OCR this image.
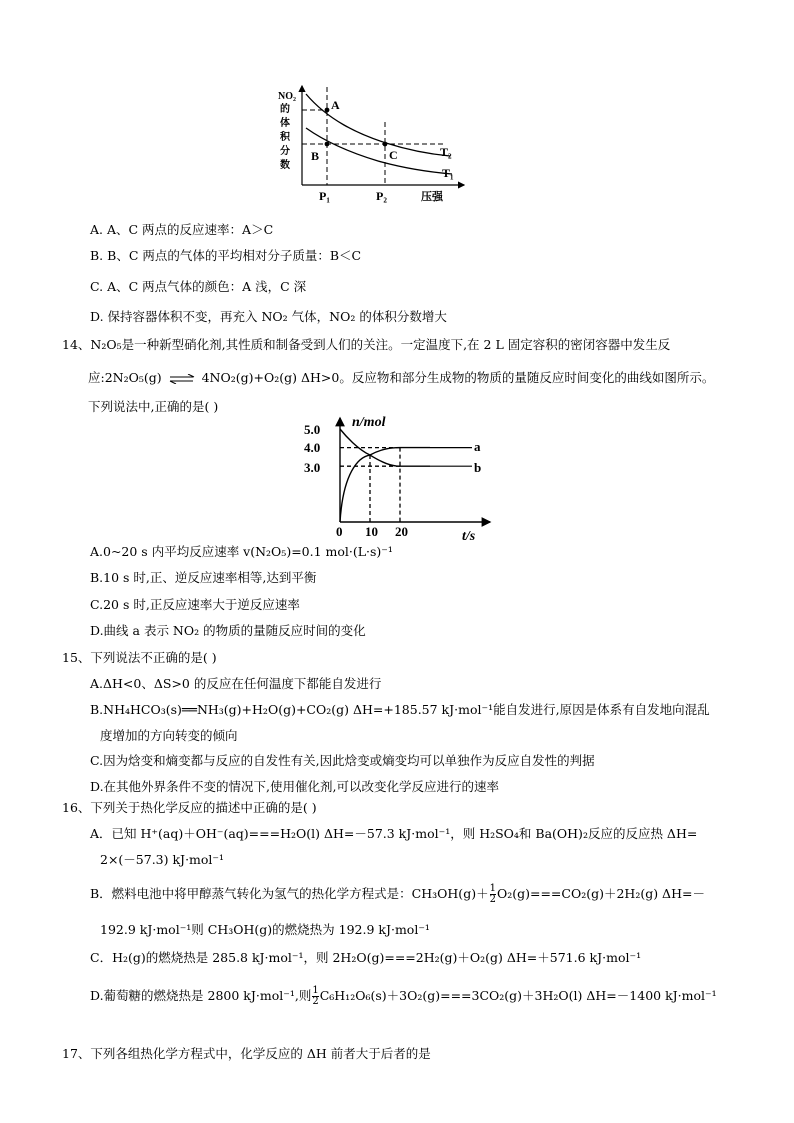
NO₂
的
体
积
分
数
A
B	C	T₂
T₁
P₁	P₂	压强
A. A、C 两点的反应速率：A＞C
B. B、C 两点的气体的平均相对分子质量：B＜C
C. A、C 两点气体的颜色：A 浅，C 深
D. 保持容器体积不变，再充入 NO₂ 气体，NO₂ 的体积分数增大
14、N₂O₅是一种新型硝化剂,其性质和制备受到人们的关注。一定温度下,在 2 L 固定容积的密闭容器中发生反
应:2N₂O₅(g) ⇌ 4NO₂(g)+O₂(g) ΔH>0。反应物和部分生成物的物质的量随反应时间变化的曲线如图所示。
下列说法中,正确的是( )
n/mol
t/s
5.0
4.0
3.0
0 10 20
a
b
A.0~20 s 内平均反应速率 v(N₂O₅)=0.1 mol·(L·s)⁻¹
B.10 s 时,正、逆反应速率相等,达到平衡
C.20 s 时,正反应速率大于逆反应速率
D.曲线 a 表示 NO₂ 的物质的量随反应时间的变化
15、下列说法不正确的是( )
A.ΔH<0、ΔS>0 的反应在任何温度下都能自发进行
B.NH₄HCO₃(s)══NH₃(g)+H₂O(g)+CO₂(g) ΔH=+185.57 kJ·mol⁻¹能自发进行,原因是体系有自发地向混乱
度增加的方向转变的倾向
C.因为焓变和熵变都与反应的自发性有关,因此焓变或熵变均可以单独作为反应自发性的判据
D.在其他外界条件不变的情况下,使用催化剂,可以改变化学反应进行的速率
16、下列关于热化学反应的描述中正确的是( )
A．已知 H⁺(aq)＋OH⁻(aq)===H₂O(l) ΔH=－57.3 kJ·mol⁻¹，则 H₂SO₄和 Ba(OH)₂反应的反应热 ΔH=
2×(－57.3) kJ·mol⁻¹
B．燃料电池中将甲醇蒸气转化为氢气的热化学方程式是：$CH_3OH(g)+ \frac{1}{2} O_2(g)===CO_2(g)+2H_2(g)$ ΔH=－
192.9 kJ·mol⁻¹则 CH₃OH(g)的燃烧热为 192.9 kJ·mol⁻¹
C．H₂(g)的燃烧热是 285.8 kJ·mol⁻¹，则 2H₂O(g)===2H₂(g)＋O₂(g) ΔH=＋571.6 kJ·mol⁻¹
D.葡萄糖的燃烧热是 2800 kJ·mol⁻¹,则 $\frac{1}{2} C_6H_{12}O_6(s)+3O_2(g)===3CO_2(g)+3H_2O(l)$ ΔH=－1400 kJ·mol⁻¹
17、下列各组热化学方程式中，化学反应的 ΔH 前者大于后者的是
